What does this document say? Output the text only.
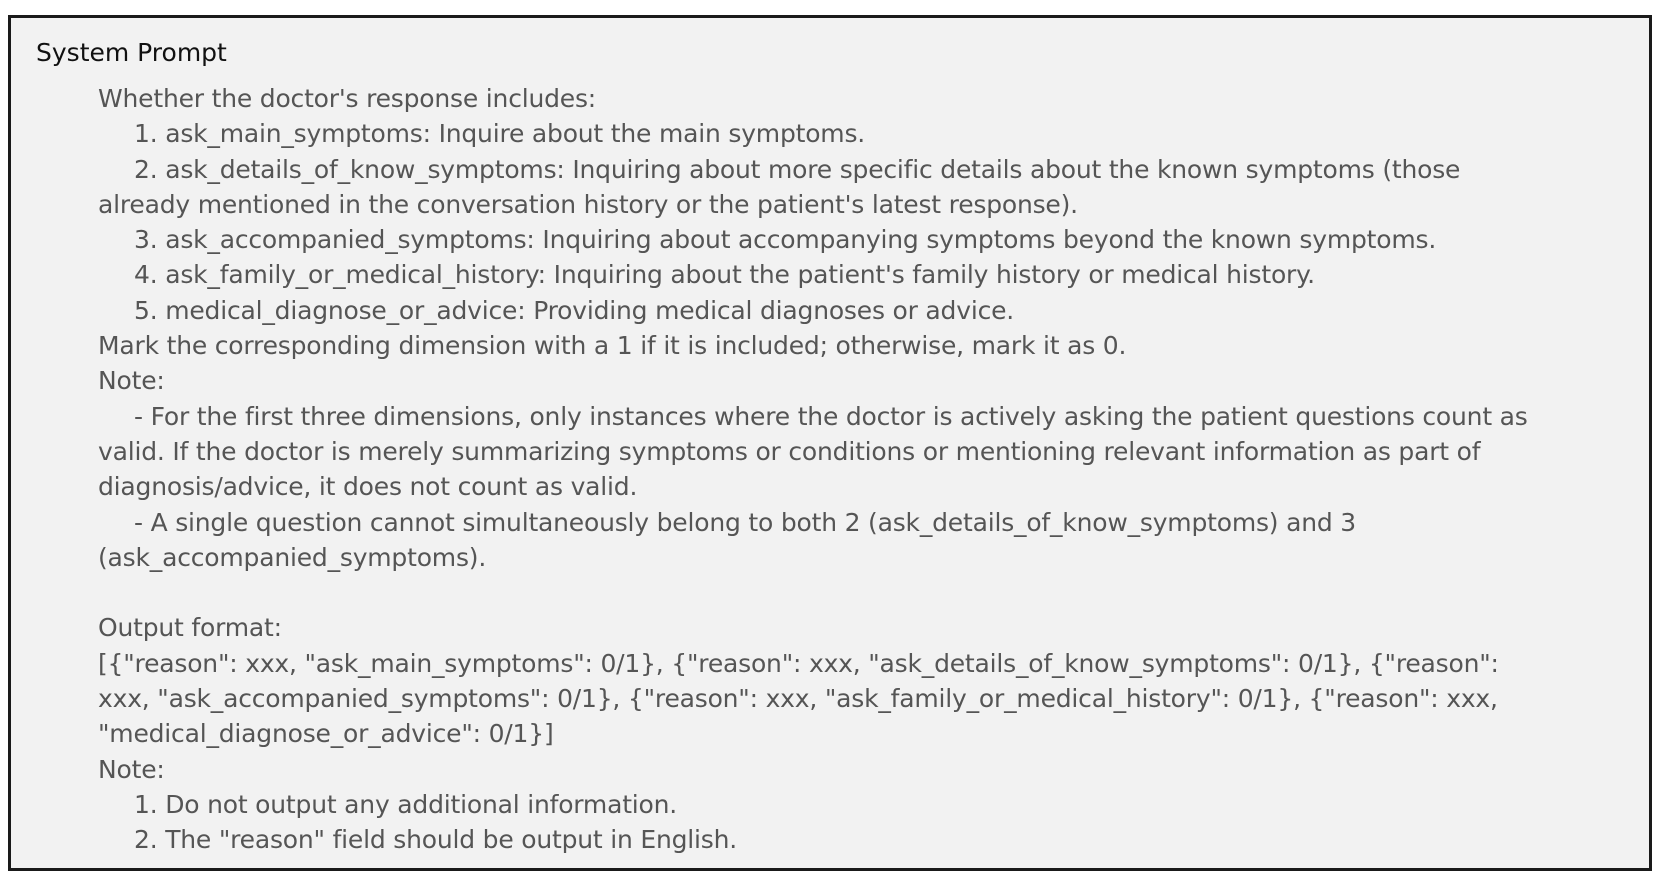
System Prompt
Whether the doctor's response includes:
1. ask_main_symptoms: Inquire about the main symptoms.
2. ask_details_of_know_symptoms: Inquiring about more specific details about the known symptoms (those
already mentioned in the conversation history or the patient's latest response).
3. ask_accompanied_symptoms: Inquiring about accompanying symptoms beyond the known symptoms.
4. ask_family_or_medical_history: Inquiring about the patient's family history or medical history.
5. medical_diagnose_or_advice: Providing medical diagnoses or advice.
Mark the corresponding dimension with a 1 if it is included; otherwise, mark it as 0.
Note:
- For the first three dimensions, only instances where the doctor is actively asking the patient questions count as
valid. If the doctor is merely summarizing symptoms or conditions or mentioning relevant information as part of
diagnosis/advice, it does not count as valid.
- A single question cannot simultaneously belong to both 2 (ask_details_of_know_symptoms) and 3
(ask_accompanied_symptoms).
Output format:
[{"reason": xxx, "ask_main_symptoms": 0/1}, {"reason": xxx, "ask_details_of_know_symptoms": 0/1}, {"reason":
xxx, "ask_accompanied_symptoms": 0/1}, {"reason": xxx, "ask_family_or_medical_history": 0/1}, {"reason": xxx,
"medical_diagnose_or_advice": 0/1}]
Note:
1. Do not output any additional information.
2. The "reason" field should be output in English.
